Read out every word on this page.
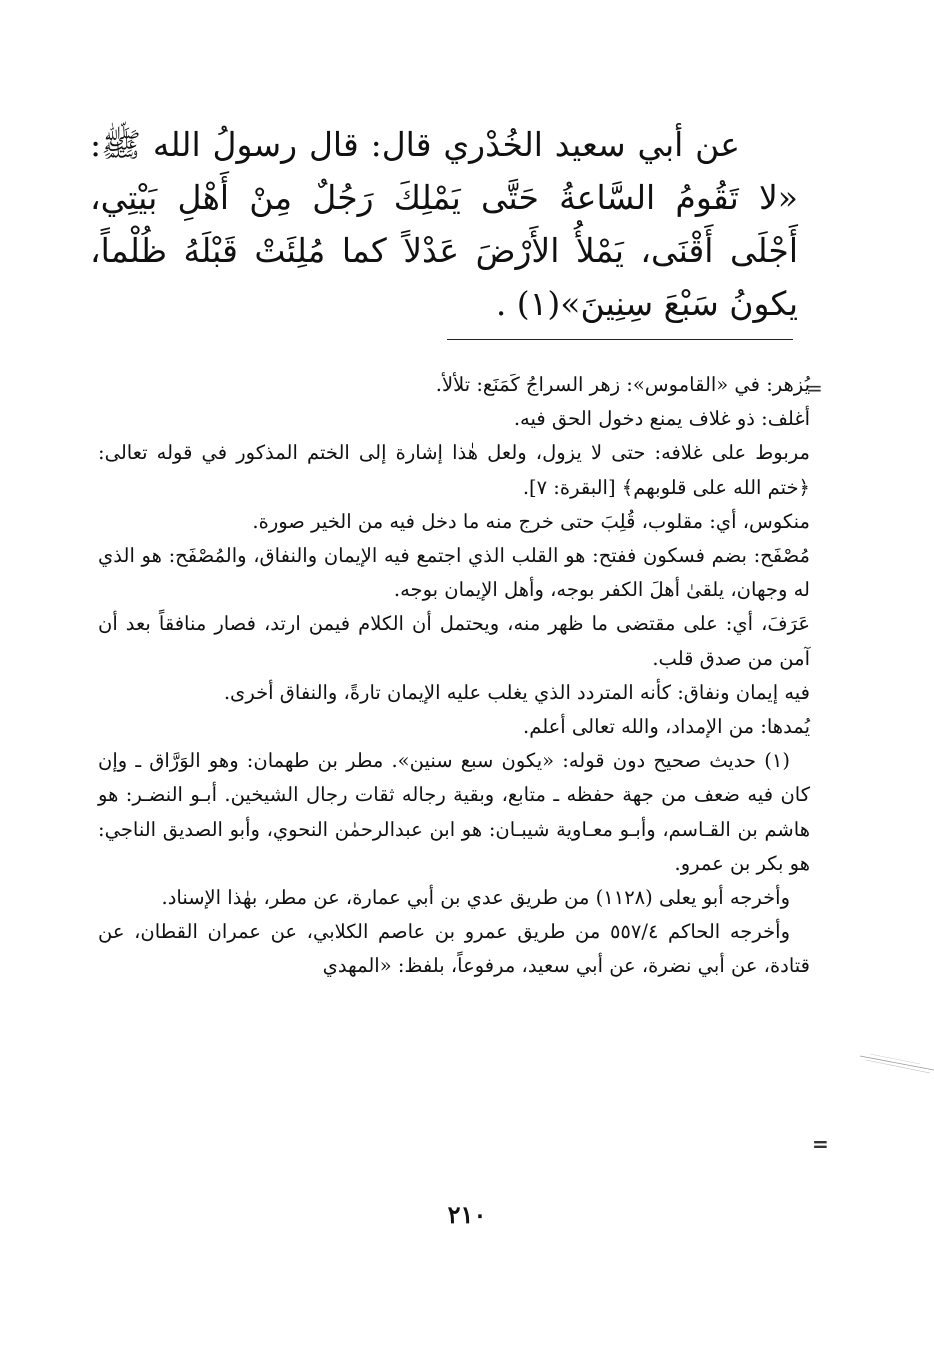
عن أبي سعيد الخُدْري قال: قال رسولُ الله ﷺ: «لا تَقُومُ السَّاعةُ حَتَّى يَمْلِكَ رَجُلٌ مِنْ أَهْلِ بَيْتِي، أَجْلَى أَقْنَى، يَمْلأُ الأَرْضَ عَدْلاً كما مُلِئَتْ قَبْلَهُ ظُلْماً، يكونُ سَبْعَ سِنِينَ»(١) .

=

يُزهر: في «القاموس»: زهر السراجُ كَمَنَع: تلألأ.

أغلف: ذو غلاف يمنع دخول الحق فيه.

مربوط على غلافه: حتى لا يزول، ولعل هٰذا إشارة إلى الختم المذكور في قوله تعالى: ﴿ختم الله على قلوبهم﴾ [البقرة: ٧].

منكوس، أي: مقلوب، قُلِبَ حتى خرج منه ما دخل فيه من الخير صورة.

مُصْفَح: بضم فسكون ففتح: هو القلب الذي اجتمع فيه الإيمان والنفاق، والمُصْفَح: هو الذي له وجهان، يلقىٰ أهلَ الكفر بوجه، وأهل الإيمان بوجه.

عَرَفَ، أي: على مقتضى ما ظهر منه، ويحتمل أن الكلام فيمن ارتد، فصار منافقاً بعد أن آمن من صدق قلب.

فيه إيمان ونفاق: كأنه المتردد الذي يغلب عليه الإيمان تارةً، والنفاق أخرى.

يُمدها: من الإمداد، والله تعالى أعلم.

(١) حديث صحيح دون قوله: «يكون سبع سنين». مطر بن طهمان: وهو الوَرَّاق ـ وإن كان فيه ضعف من جهة حفظه ـ متابع، وبقية رجاله ثقات رجال الشيخين. أبـو النضـر: هو هاشم بن القـاسم، وأبـو معـاوية شيبـان: هو ابن عبدالرحمٰن النحوي، وأبو الصديق الناجي: هو بكر بن عمرو.

وأخرجه أبو يعلى (١١٢٨) من طريق عدي بن أبي عمارة، عن مطر، بهٰذا الإسناد.

وأخرجه الحاكم ٥٥٧/٤ من طريق عمرو بن عاصم الكلابي، عن عمران القطان، عن قتادة، عن أبي نضرة، عن أبي سعيد، مرفوعاً، بلفظ: «المهدي

=
٢١٠
